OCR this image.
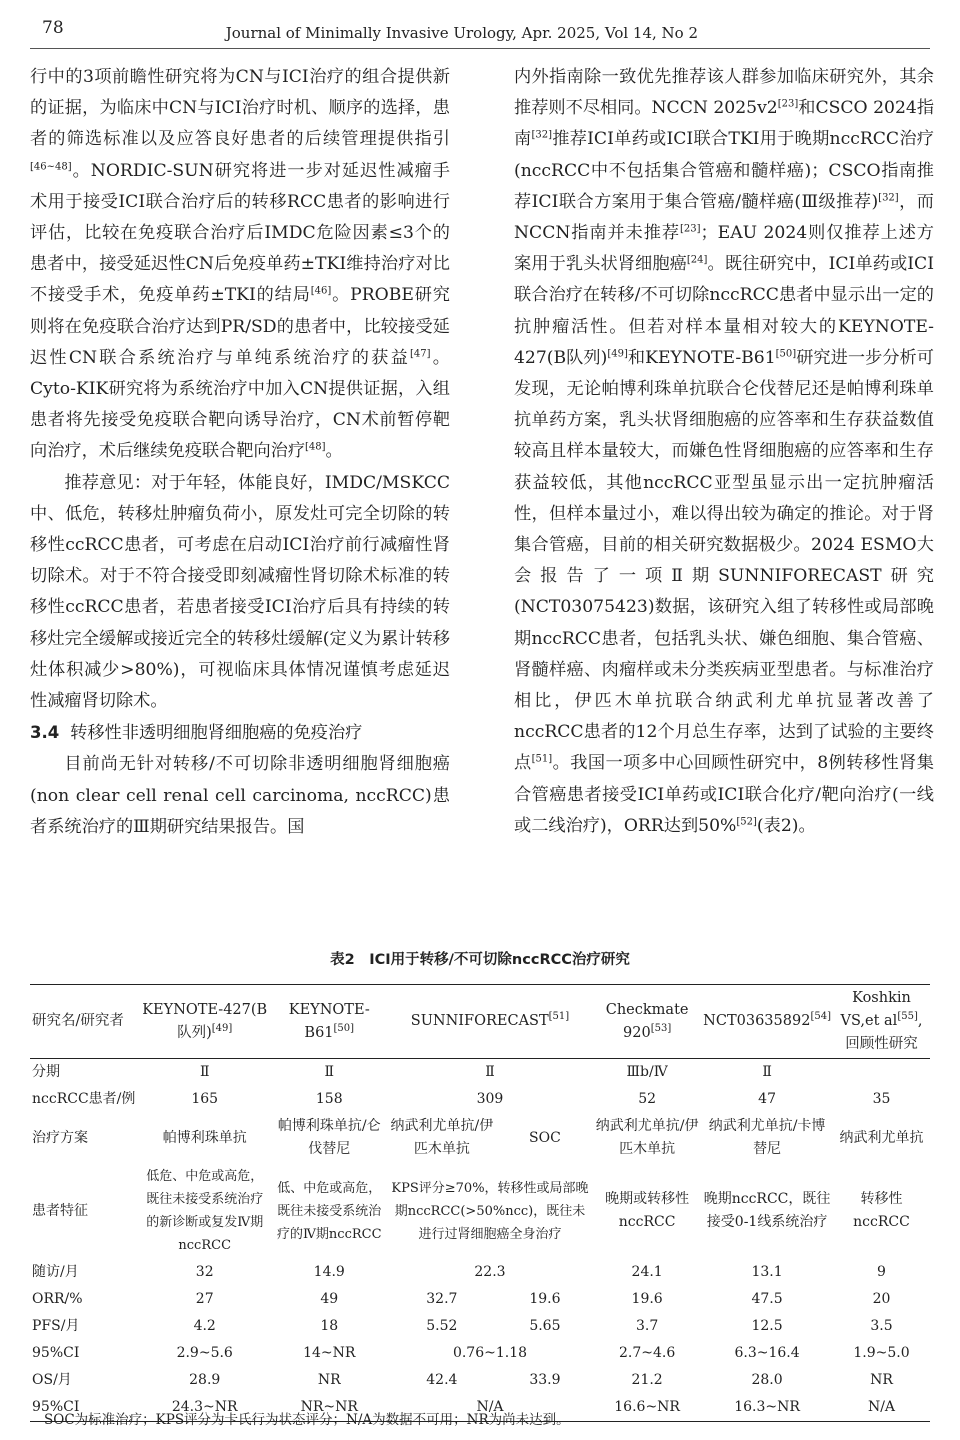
78	Journal of Minimally Invasive Urology, Apr. 2025, Vol 14, No 2

行中的3项前瞻性研究将为CN与ICI治疗的组合提供新的证据，为临床中CN与ICI治疗时机、顺序的选择，患者的筛选标准以及应答良好患者的后续管理提供指引[46~48]。NORDIC-SUN研究将进一步对延迟性减瘤手术用于接受ICI联合治疗后的转移RCC患者的影响进行评估，比较在免疫联合治疗后IMDC危险因素≤3个的患者中，接受延迟性CN后免疫单药±TKI维持治疗对比不接受手术，免疫单药±TKI的结局[46]。PROBE研究则将在免疫联合治疗达到PR/SD的患者中，比较接受延迟性CN联合系统治疗与单纯系统治疗的获益[47]。Cyto-KIK研究将为系统治疗中加入CN提供证据，入组患者将先接受免疫联合靶向诱导治疗，CN术前暂停靶向治疗，术后继续免疫联合靶向治疗[48]。

推荐意见：对于年轻，体能良好，IMDC/MSKCC中、低危，转移灶肿瘤负荷小，原发灶可完全切除的转移性ccRCC患者，可考虑在启动ICI治疗前行减瘤性肾切除术。对于不符合接受即刻减瘤性肾切除术标准的转移性ccRCC患者，若患者接受ICI治疗后具有持续的转移灶完全缓解或接近完全的转移灶缓解(定义为累计转移灶体积减少>80%)，可视临床具体情况谨慎考虑延迟性减瘤肾切除术。

3.4 转移性非透明细胞肾细胞癌的免疫治疗

目前尚无针对转移/不可切除非透明细胞肾细胞癌(non clear cell renal cell carcinoma, nccRCC)患者系统治疗的Ⅲ期研究结果报告。国

内外指南除一致优先推荐该人群参加临床研究外，其余推荐则不尽相同。NCCN 2025v2[23]和CSCO 2024指南[32]推荐ICI单药或ICI联合TKI用于晚期nccRCC治疗(nccRCC中不包括集合管癌和髓样癌)；CSCO指南推荐ICI联合方案用于集合管癌/髓样癌(Ⅲ级推荐)[32]，而NCCN指南并未推荐[23]；EAU 2024则仅推荐上述方案用于乳头状肾细胞癌[24]。既往研究中，ICI单药或ICI联合治疗在转移/不可切除nccRCC患者中显示出一定的抗肿瘤活性。但若对样本量相对较大的KEYNOTE-427(B队列)[49]和KEYNOTE-B61[50]研究进一步分析可发现，无论帕博利珠单抗联合仑伐替尼还是帕博利珠单抗单药方案，乳头状肾细胞癌的应答率和生存获益数值较高且样本量较大，而嫌色性肾细胞癌的应答率和生存获益较低，其他nccRCC亚型虽显示出一定抗肿瘤活性，但样本量过小，难以得出较为确定的推论。对于肾集合管癌，目前的相关研究数据极少。2024 ESMO大会报告了一项Ⅱ期SUNNIFORECAST研究(NCT03075423)数据，该研究入组了转移性或局部晚期nccRCC患者，包括乳头状、嫌色细胞、集合管癌、肾髓样癌、肉瘤样或未分类疾病亚型患者。与标准治疗相比，伊匹木单抗联合纳武利尤单抗显著改善了nccRCC患者的12个月总生存率，达到了试验的主要终点[51]。我国一项多中心回顾性研究中，8例转移性肾集合管癌患者接受ICI单药或ICI联合化疗/靶向治疗(一线或二线治疗)，ORR达到50%[52](表2)。

表2　ICI用于转移/不可切除nccRCC治疗研究
研究名/研究者	KEYNOTE-427(B队列)[49]	KEYNOTE-B61[50]	SUNNIFORECAST[51]		Checkmate 920[53]	NCT03635892[54]	Koshkin VS,et al[55],回顾性研究
分期	Ⅱ	Ⅱ	Ⅱ		Ⅲb/Ⅳ	Ⅱ	
nccRCC患者/例	165	158	309		52	47	35
治疗方案	帕博利珠单抗	帕博利珠单抗/仑伐替尼	纳武利尤单抗/伊匹木单抗	SOC	纳武利尤单抗/伊匹木单抗	纳武利尤单抗/卡博替尼	纳武利尤单抗
患者特征	低危、中危或高危，既往未接受系统治疗的新诊断或复发Ⅳ期nccRCC	低、中危或高危，既往未接受系统治疗的Ⅳ期nccRCC	KPS评分≥70%，转移性或局部晚期nccRCC(>50%ncc)，既往未进行过肾细胞癌全身治疗		晚期或转移性nccRCC	晚期nccRCC，既往接受0-1线系统治疗	转移性nccRCC
随访/月	32	14.9	22.3		24.1	13.1	9
ORR/%	27	49	32.7	19.6	19.6	47.5	20
PFS/月	4.2	18	5.52	5.65	3.7	12.5	3.5
95%CI	2.9~5.6	14~NR	0.76~1.18		2.7~4.6	6.3~16.4	1.9~5.0
OS/月	28.9	NR	42.4	33.9	21.2	28.0	NR
95%CI	24.3~NR	NR~NR	N/A		16.6~NR	16.3~NR	N/A
SOC为标准治疗；KPS评分为卡氏行为状态评分；N/A为数据不可用；NR为尚未达到。
